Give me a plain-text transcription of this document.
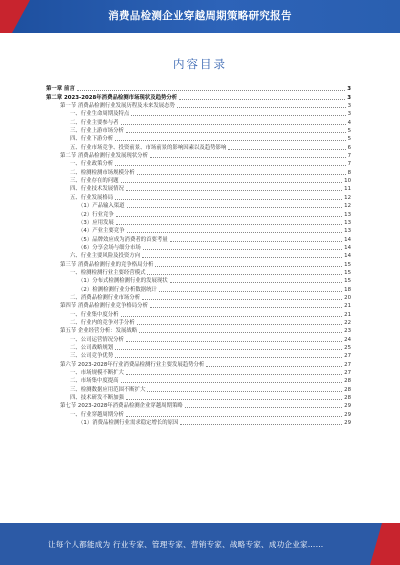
消费品检测企业穿越周期策略研究报告
内容目录
第一章 前言	3
第二章 2023-2028年消费品检测市场现状及趋势分析	3
第一节 消费品检测行业发展历程及未来发展态势	3
一、行业生命周期及特点	3
二、行业主要参与者	4
三、行业上游市场分析	5
四、行业下游分析	5
五、行业市场竞争、投资前景、市场前景的影响因素以及趋势影响	6
第二节 消费品检测行业发展现状分析	7
一、行业政策分析	7
二、检测检测市场规模分析	8
三、行业存在的问题	10
四、行业技术发展情况	11
五、行业发展格局	12
（1）产品输入渠道	12
（2）行业竞争	13
（3）应用发展	13
（4）产业主要竞争	13
（5）品牌效应成为消费者的首要考量	14
（6）分享会场与细分市场	14
六、行业主要风险及投资方向	14
第三节 消费品检测行业的竞争格局分析	15
一、检测检测行业主要经营模式	15
（1）分布式检测检测行业的发展现状	15
（2）检测检测行业分析数据统计	18
二、消费品检测行业市场分析	20
第四节 消费品检测行业竞争格局分析	21
一、行业集中度分析	21
二、行业内的竞争对手分析	22
第五节 企业经营分析：发展战略	23
一、公司运营情况分析	24
二、公司战略规划	25
三、公司竞争优势	27
第六节 2023-2028年行业消费品检测行业主要发展趋势分析	27
一、市场规模不断扩大	27
二、市场集中度提高	28
三、检测数据应用范围不断扩大	28
四、技术研发不断加强	28
第七节 2023-2028年消费品检测企业穿越周期策略	29
一、行业穿越周期分析	29
（1）消费品检测行业需求稳定增长的原因	29
让每个人都能成为 行业专家、管理专家、营销专家、战略专家、成功企业家……
